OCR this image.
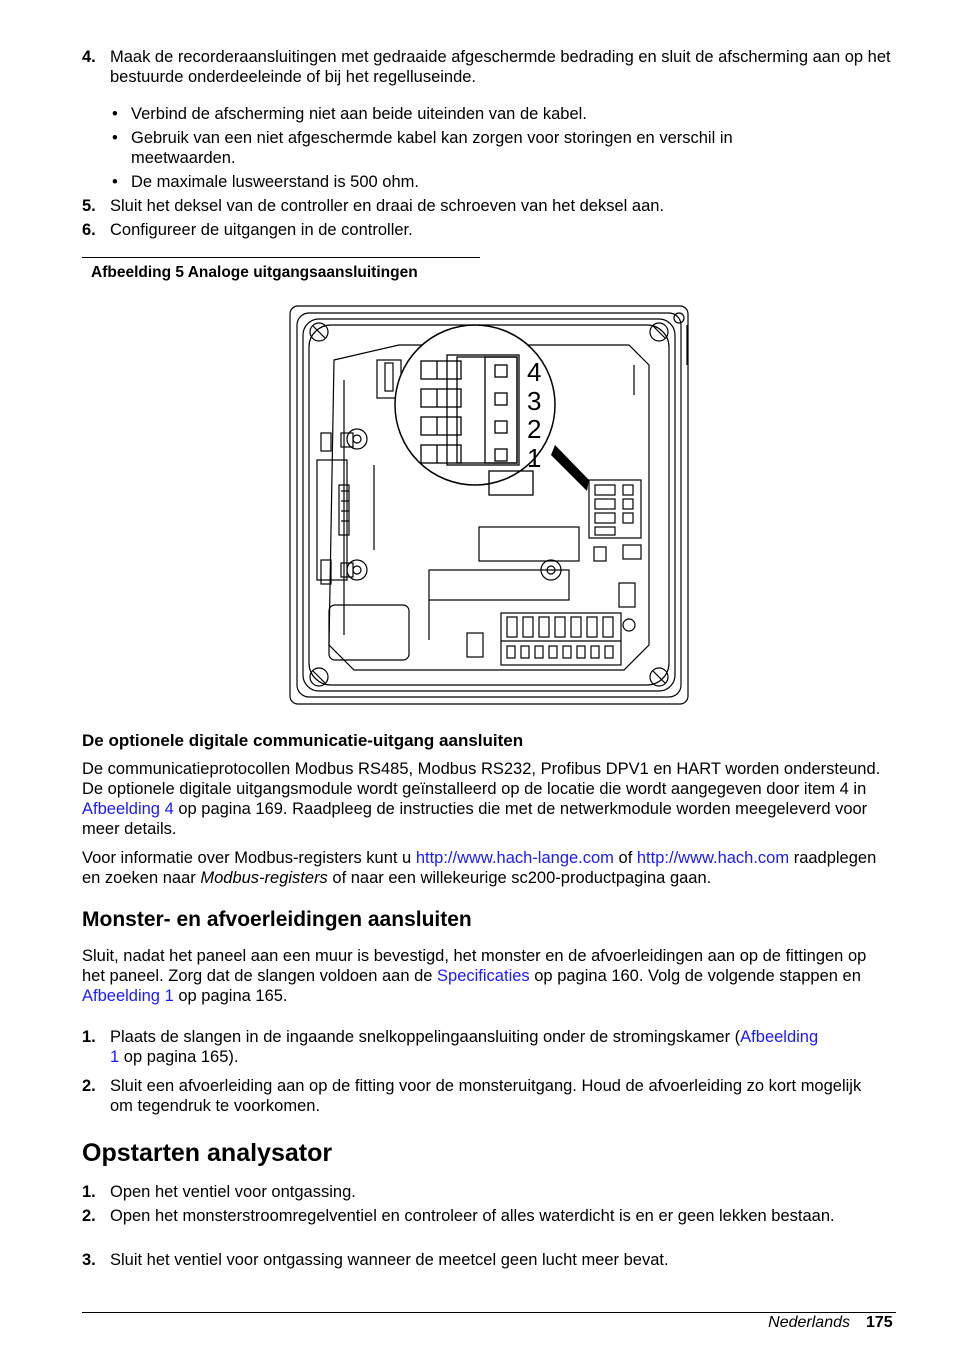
4. Maak de recorderaansluitingen met gedraaide afgeschermde bedrading en sluit de afscherming aan op het bestuurde onderdeeleinde of bij het regelluseinde.
• Verbind de afscherming niet aan beide uiteinden van de kabel.
• Gebruik van een niet afgeschermde kabel kan zorgen voor storingen en verschil in meetwaarden.
• De maximale lusweerstand is 500 ohm.
5. Sluit het deksel van de controller en draai de schroeven van het deksel aan.
6. Configureer de uitgangen in de controller.
Afbeelding 5 Analoge uitgangsaansluitingen
4
3
2
1
De optionele digitale communicatie-uitgang aansluiten
De communicatieprotocollen Modbus RS485, Modbus RS232, Profibus DPV1 en HART worden ondersteund. De optionele digitale uitgangsmodule wordt geïnstalleerd op de locatie die wordt aangegeven door item 4 in Afbeelding 4 op pagina 169. Raadpleeg de instructies die met de netwerkmodule worden meegeleverd voor meer details.
Voor informatie over Modbus-registers kunt u http://www.hach-lange.com of http://www.hach.com raadplegen en zoeken naar Modbus-registers of naar een willekeurige sc200-productpagina gaan.
Monster- en afvoerleidingen aansluiten
Sluit, nadat het paneel aan een muur is bevestigd, het monster en de afvoerleidingen aan op de fittingen op het paneel. Zorg dat de slangen voldoen aan de Specificaties op pagina 160. Volg de volgende stappen en Afbeelding 1 op pagina 165.
1. Plaats de slangen in de ingaande snelkoppelingaansluiting onder de stromingskamer (Afbeelding 1 op pagina 165).
2. Sluit een afvoerleiding aan op de fitting voor de monsteruitgang. Houd de afvoerleiding zo kort mogelijk om tegendruk te voorkomen.
Opstarten analysator
1. Open het ventiel voor ontgassing.
2. Open het monsterstroomregelventiel en controleer of alles waterdicht is en er geen lekken bestaan.
3. Sluit het ventiel voor ontgassing wanneer de meetcel geen lucht meer bevat.
Nederlands 175
